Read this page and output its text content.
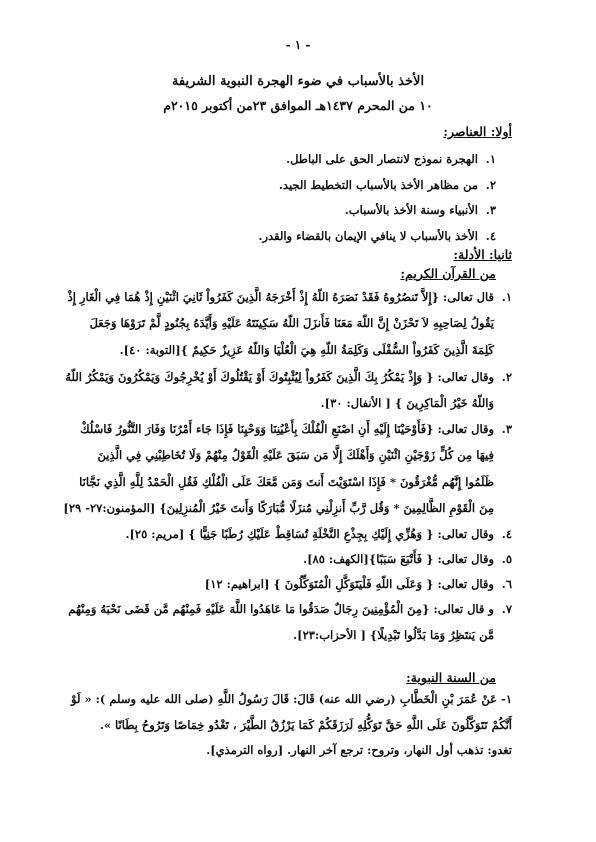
- ١ -
الأخذ بالأسباب في ضوء الهجرة النبوية الشريفة
١٠ من المحرم ١٤٣٧هـ الموافق ٢٣من أكتوبر ٢٠١٥م
أولا: العناصر:
١.الهجرة نموذج لانتصار الحق على الباطل.
٢.من مظاهر الأخذ بالأسباب التخطيط الجيد.
٣.الأنبياء وسنة الأخذ بالأسباب.
٤.الأخذ بالأسباب لا ينافي الإيمان بالقضاء والقدر.
ثانيا: الأدلة:
من القرآن الكريم:
١.قال تعالى: {إِلاَّ تَنصُرُوهُ فَقَدْ نَصَرَهُ اللّهُ إِذْ أَخْرَجَهُ الَّذِينَ كَفَرُواْ ثَانِيَ اثْنَيْنِ إِذْ هُمَا فِي الْغَارِ إِذْ
يَقُولُ لِصَاحِبِهِ لاَ تَحْزَنْ إِنَّ اللّهَ مَعَنَا فَأَنزَلَ اللّهُ سَكِينَتَهُ عَلَيْهِ وَأَيَّدَهُ بِجُنُودٍ لَّمْ تَرَوْهَا وَجَعَلَ
كَلِمَةَ الَّذِينَ كَفَرُواْ السُّفْلَى وَكَلِمَةُ اللّهِ هِيَ الْعُلْيَا وَاللّهُ عَزِيزٌ حَكِيمٌ }[التوبة: ٤٠].
٢.وقال تعالى: { وَإِذْ يَمْكُرُ بِكَ الَّذِينَ كَفَرُواْ لِيُثْبِتُوكَ أَوْ يَقْتُلُوكَ أَوْ يُخْرِجُوكَ وَيَمْكُرُونَ وَيَمْكُرُ اللّهُ
وَاللّهُ خَيْرُ الْمَاكِرِينَ } [ الأنفال: ٣٠].
٣.وقال تعالى: {فَأَوْحَيْنَا إِلَيْهِ أَنِ اصْنَعِ الْفُلْكَ بِأَعْيُنِنَا وَوَحْيِنَا فَإِذَا جَاء أَمْرُنَا وَفَارَ التَّنُّورُ فَاسْلُكْ
فِيهَا مِن كُلٍّ زَوْجَيْنِ اثْنَيْنِ وَأَهْلَكَ إِلَّا مَن سَبَقَ عَلَيْهِ الْقَوْلُ مِنْهُمْ وَلَا تُخَاطِبْنِي فِي الَّذِينَ
ظَلَمُوا إِنَّهُم مُّغْرَقُونَ * فَإِذَا اسْتَوَيْتَ أَنتَ وَمَن مَّعَكَ عَلَى الْفُلْكِ فَقُلِ الْحَمْدُ لِلَّهِ الَّذِي نَجَّانَا
مِنَ الْقَوْمِ الظَّالِمِينَ * وَقُل رَّبِّ أَنزِلْنِي مُنزَلًا مُّبَارَكًا وَأَنتَ خَيْرُ الْمُنزِلِينَ} [المؤمنون:٢٧- ٢٩]
٤.وقال تعالى: { وَهُزِّي إِلَيْكِ بِجِذْعِ النَّخْلَةِ تُسَاقِطْ عَلَيْكِ رُطَبًا جَنِيًّا } [مريم: ٢٥].
٥.وقال تعالى: { فَأَتْبَعَ سَبَبًا}[الكهف: ٨٥].
٦.وقال تعالى: { وَعَلَى اللّهِ فَلْيَتَوَكَّلِ الْمُتَوَكِّلُونَ } [ابراهيم: ١٢]
٧.و قال تعالى: {مِنَ الْمُؤْمِنِينَ رِجَالٌ صَدَقُوا مَا عَاهَدُوا اللَّهَ عَلَيْهِ فَمِنْهُم مَّن قَضَى نَحْبَهُ وَمِنْهُم
مَّن يَنتَظِرُ وَمَا بَدَّلُوا تَبْدِيلًا} [ الأحزاب:٢٣].
من السنة النبوية:
١- عَنْ عُمَرَ بْنِ الْخَطَّابِ (رضي الله عنه) قَالَ: قَالَ رَسُولُ اللَّهِ (صلى الله عليه وسلم ): « لَوْ
أَنَّكُمْ تَتَوَكَّلُونَ عَلَى اللَّهِ حَقَّ تَوَكُّلِهِ لَرَزَقَكُمْ كَمَا يَرْزُقُ الطَّيْرَ ، تَغْدُو خِمَاصًا وَتَرُوحُ بِطَانًا ».
تغدو: تذهب أول النهار، وتروح: ترجع آخر النهار. [رواه الترمذي].
